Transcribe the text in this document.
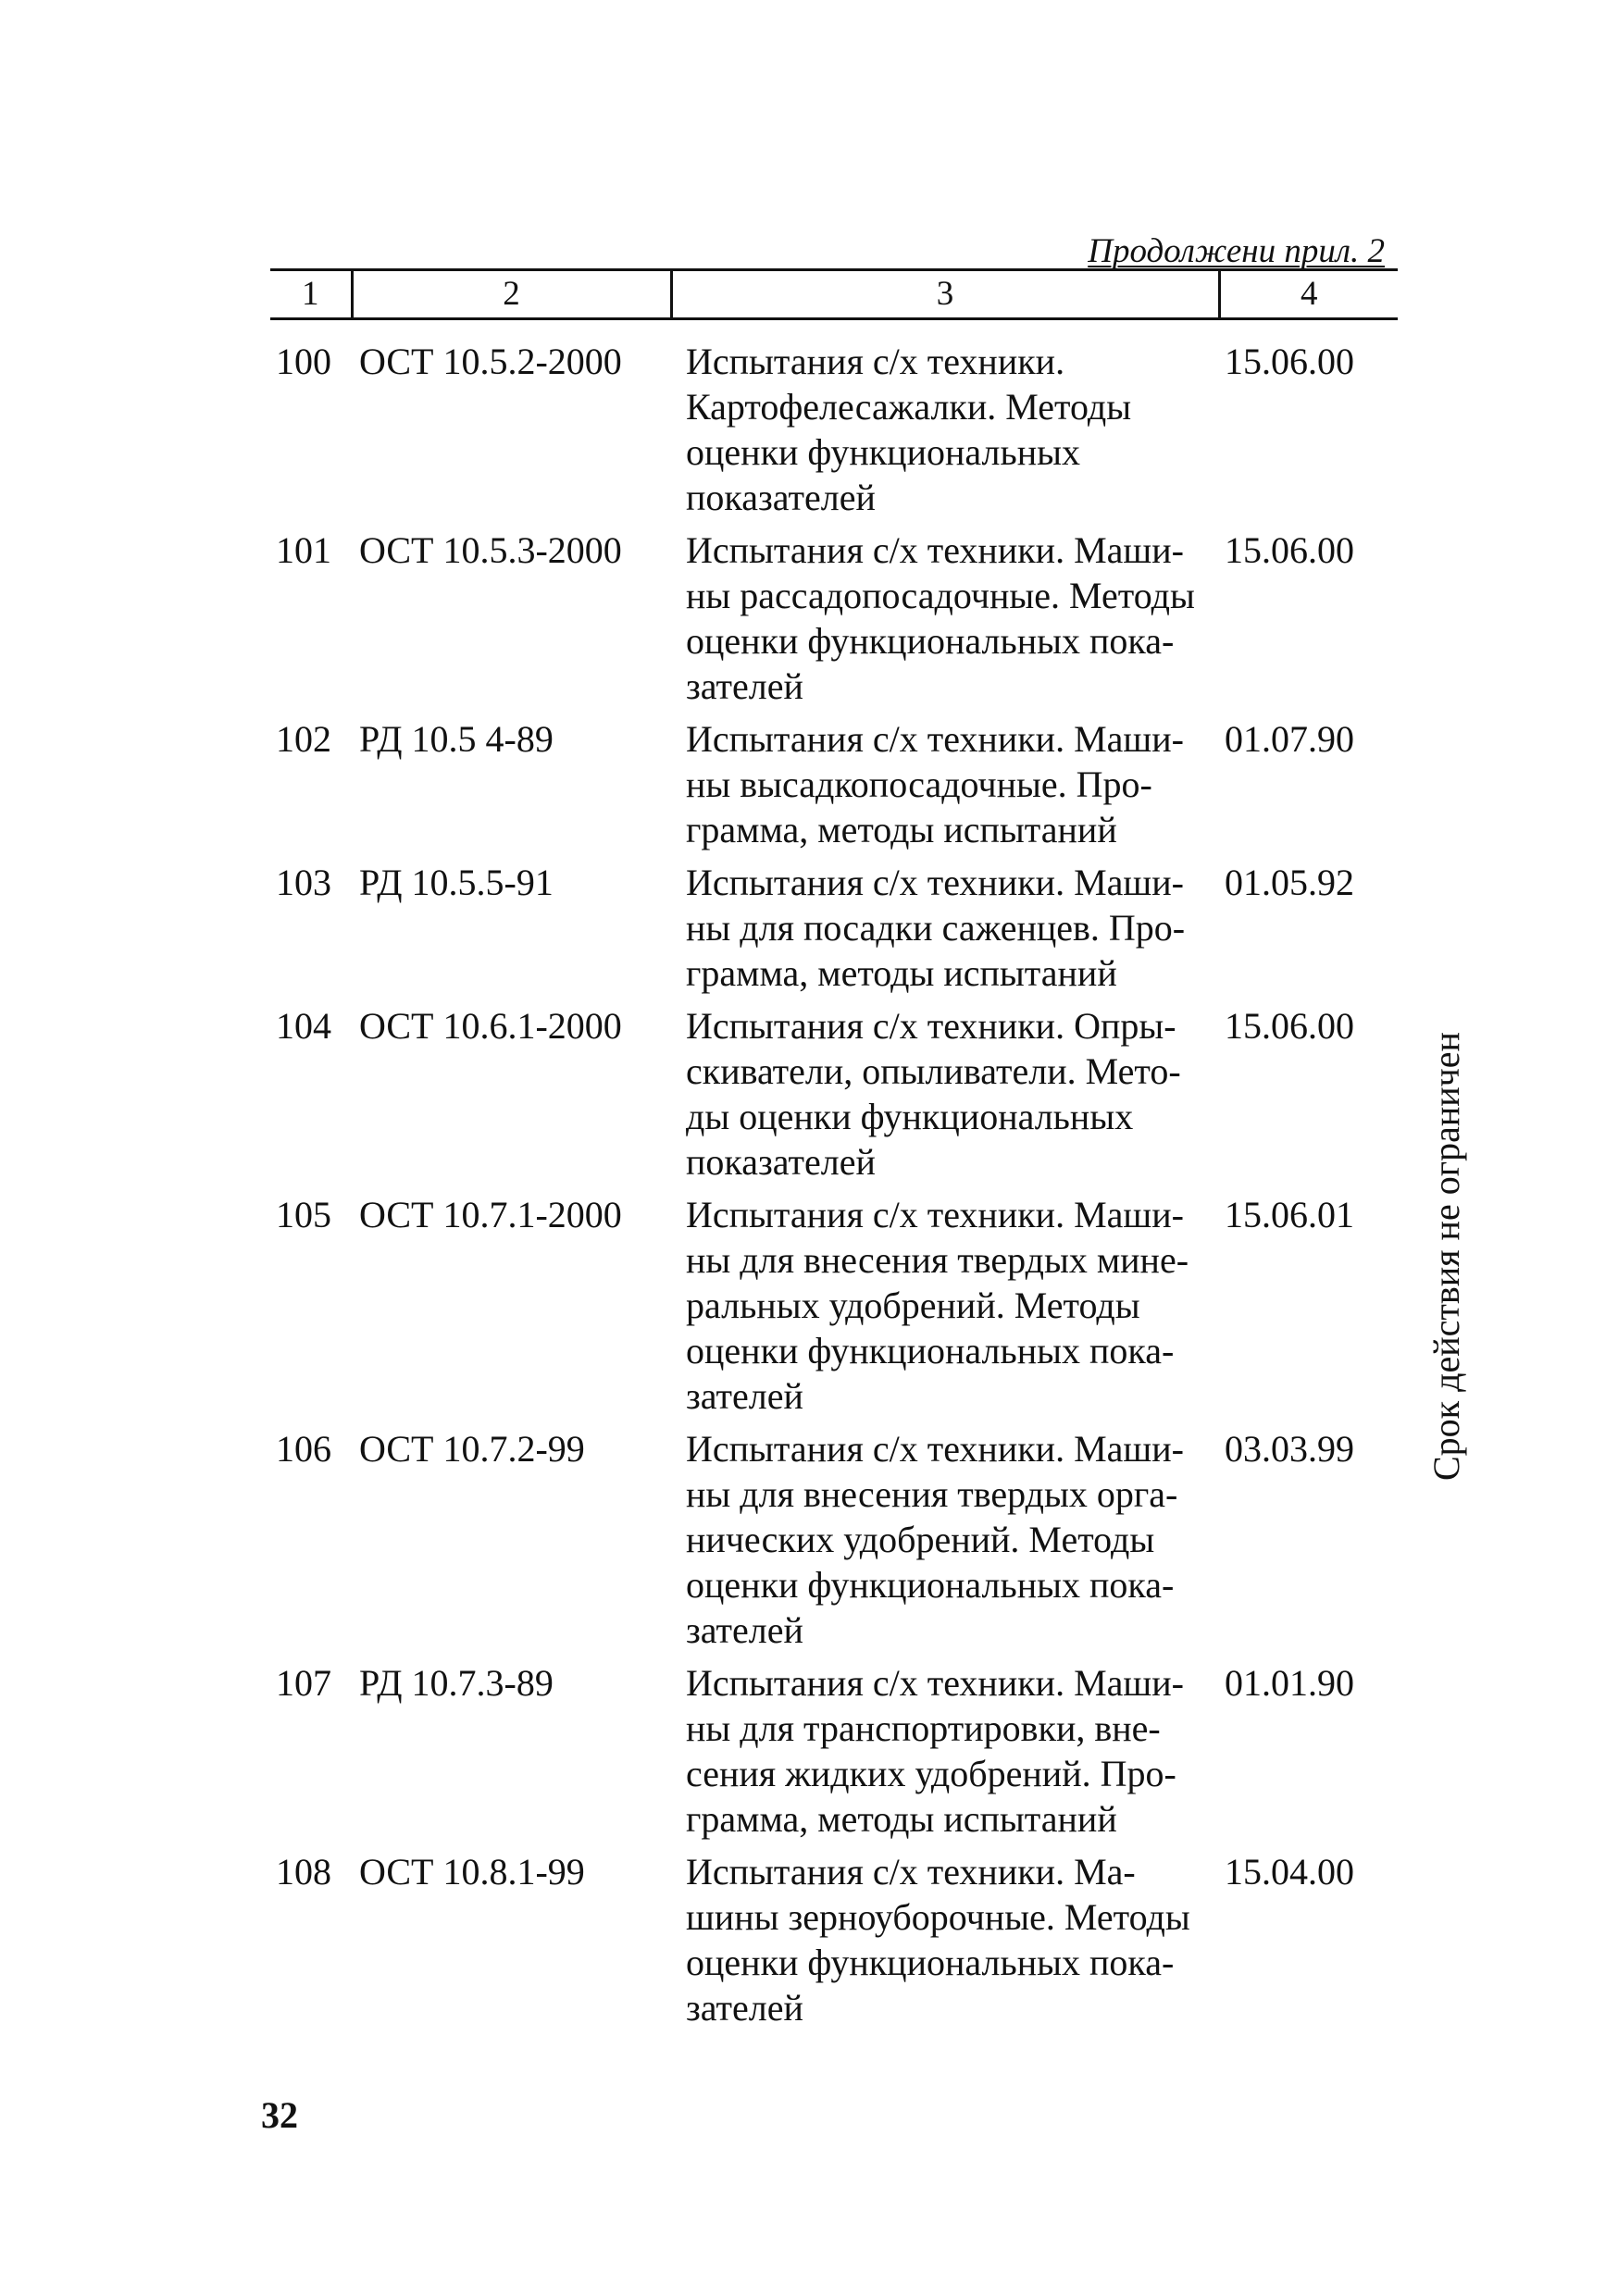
Продолжени прил. 2
1	2	3	4
100	ОСТ 10.5.2-2000	Испытания с/х техники.
Картофелесажалки. Методы
оценки функциональных
показателей	15.06.00
101	ОСТ 10.5.3-2000	Испытания с/х техники. Маши-
ны рассадопосадочные. Методы
оценки функциональных пока-
зателей	15.06.00
102	РД 10.5 4-89	Испытания с/х техники. Маши-
ны высадкопосадочные. Про-
грамма, методы испытаний	01.07.90
103	РД 10.5.5-91	Испытания с/х техники. Маши-
ны для посадки саженцев. Про-
грамма, методы испытаний	01.05.92
104	ОСТ 10.6.1-2000	Испытания с/х техники. Опры-
скиватели, опыливатели. Мето-
ды оценки функциональных
показателей	15.06.00
105	ОСТ 10.7.1-2000	Испытания с/х техники. Маши-
ны для внесения твердых мине-
ральных удобрений. Методы
оценки функциональных пока-
зателей	15.06.01
106	ОСТ 10.7.2-99	Испытания с/х техники. Маши-
ны для внесения твердых орга-
нических удобрений. Методы
оценки функциональных пока-
зателей	03.03.99
107	РД 10.7.3-89	Испытания с/х техники. Маши-
ны для транспортировки, вне-
сения жидких удобрений. Про-
грамма, методы испытаний	01.01.90
108	ОСТ 10.8.1-99	Испытания с/х техники. Ма-
шины зерноуборочные. Методы
оценки функциональных пока-
зателей	15.04.00
Срок действия не ограничен
32
